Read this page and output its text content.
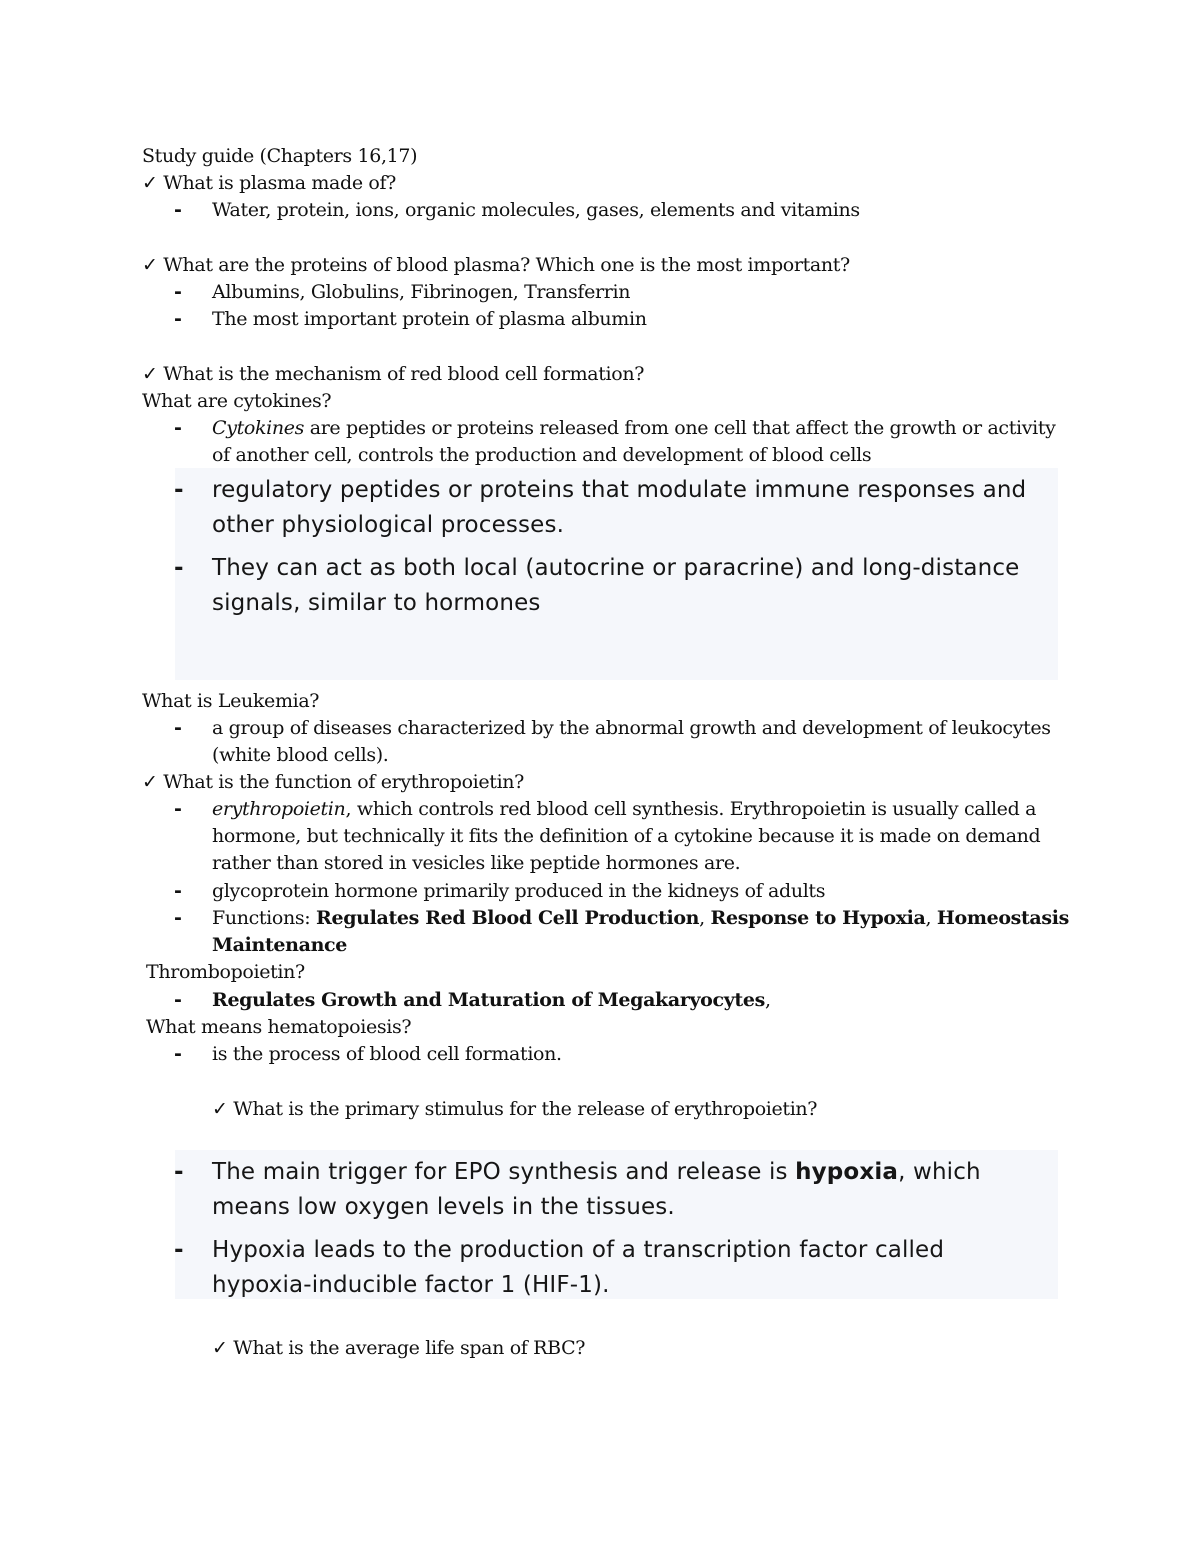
Study guide (Chapters 16,17)

✓ What is plasma made of?

- Water, protein, ions, organic molecules, gases, elements and vitamins

✓ What are the proteins of blood plasma? Which one is the most important?

- Albumins, Globulins, Fibrinogen, Transferrin

- The most important protein of plasma albumin

✓ What is the mechanism of red blood cell formation?

What are cytokines?

- Cytokines are peptides or proteins released from one cell that affect the growth or activity

of another cell, controls the production and development of blood cells

- regulatory peptides or proteins that modulate immune responses and

other physiological processes.

- They can act as both local (autocrine or paracrine) and long-distance

signals, similar to hormones

What is Leukemia?

- a group of diseases characterized by the abnormal growth and development of leukocytes

(white blood cells).

✓ What is the function of erythropoietin?

- erythropoietin, which controls red blood cell synthesis. Erythropoietin is usually called a

hormone, but technically it fits the definition of a cytokine because it is made on demand

rather than stored in vesicles like peptide hormones are.

- glycoprotein hormone primarily produced in the kidneys of adults

- Functions: Regulates Red Blood Cell Production, Response to Hypoxia, Homeostasis

Maintenance

Thrombopoietin?

- Regulates Growth and Maturation of Megakaryocytes,

What means hematopoiesis?

- is the process of blood cell formation.

✓ What is the primary stimulus for the release of erythropoietin?

- The main trigger for EPO synthesis and release is hypoxia, which

means low oxygen levels in the tissues.

- Hypoxia leads to the production of a transcription factor called

hypoxia-inducible factor 1 (HIF-1).

✓ What is the average life span of RBC?
